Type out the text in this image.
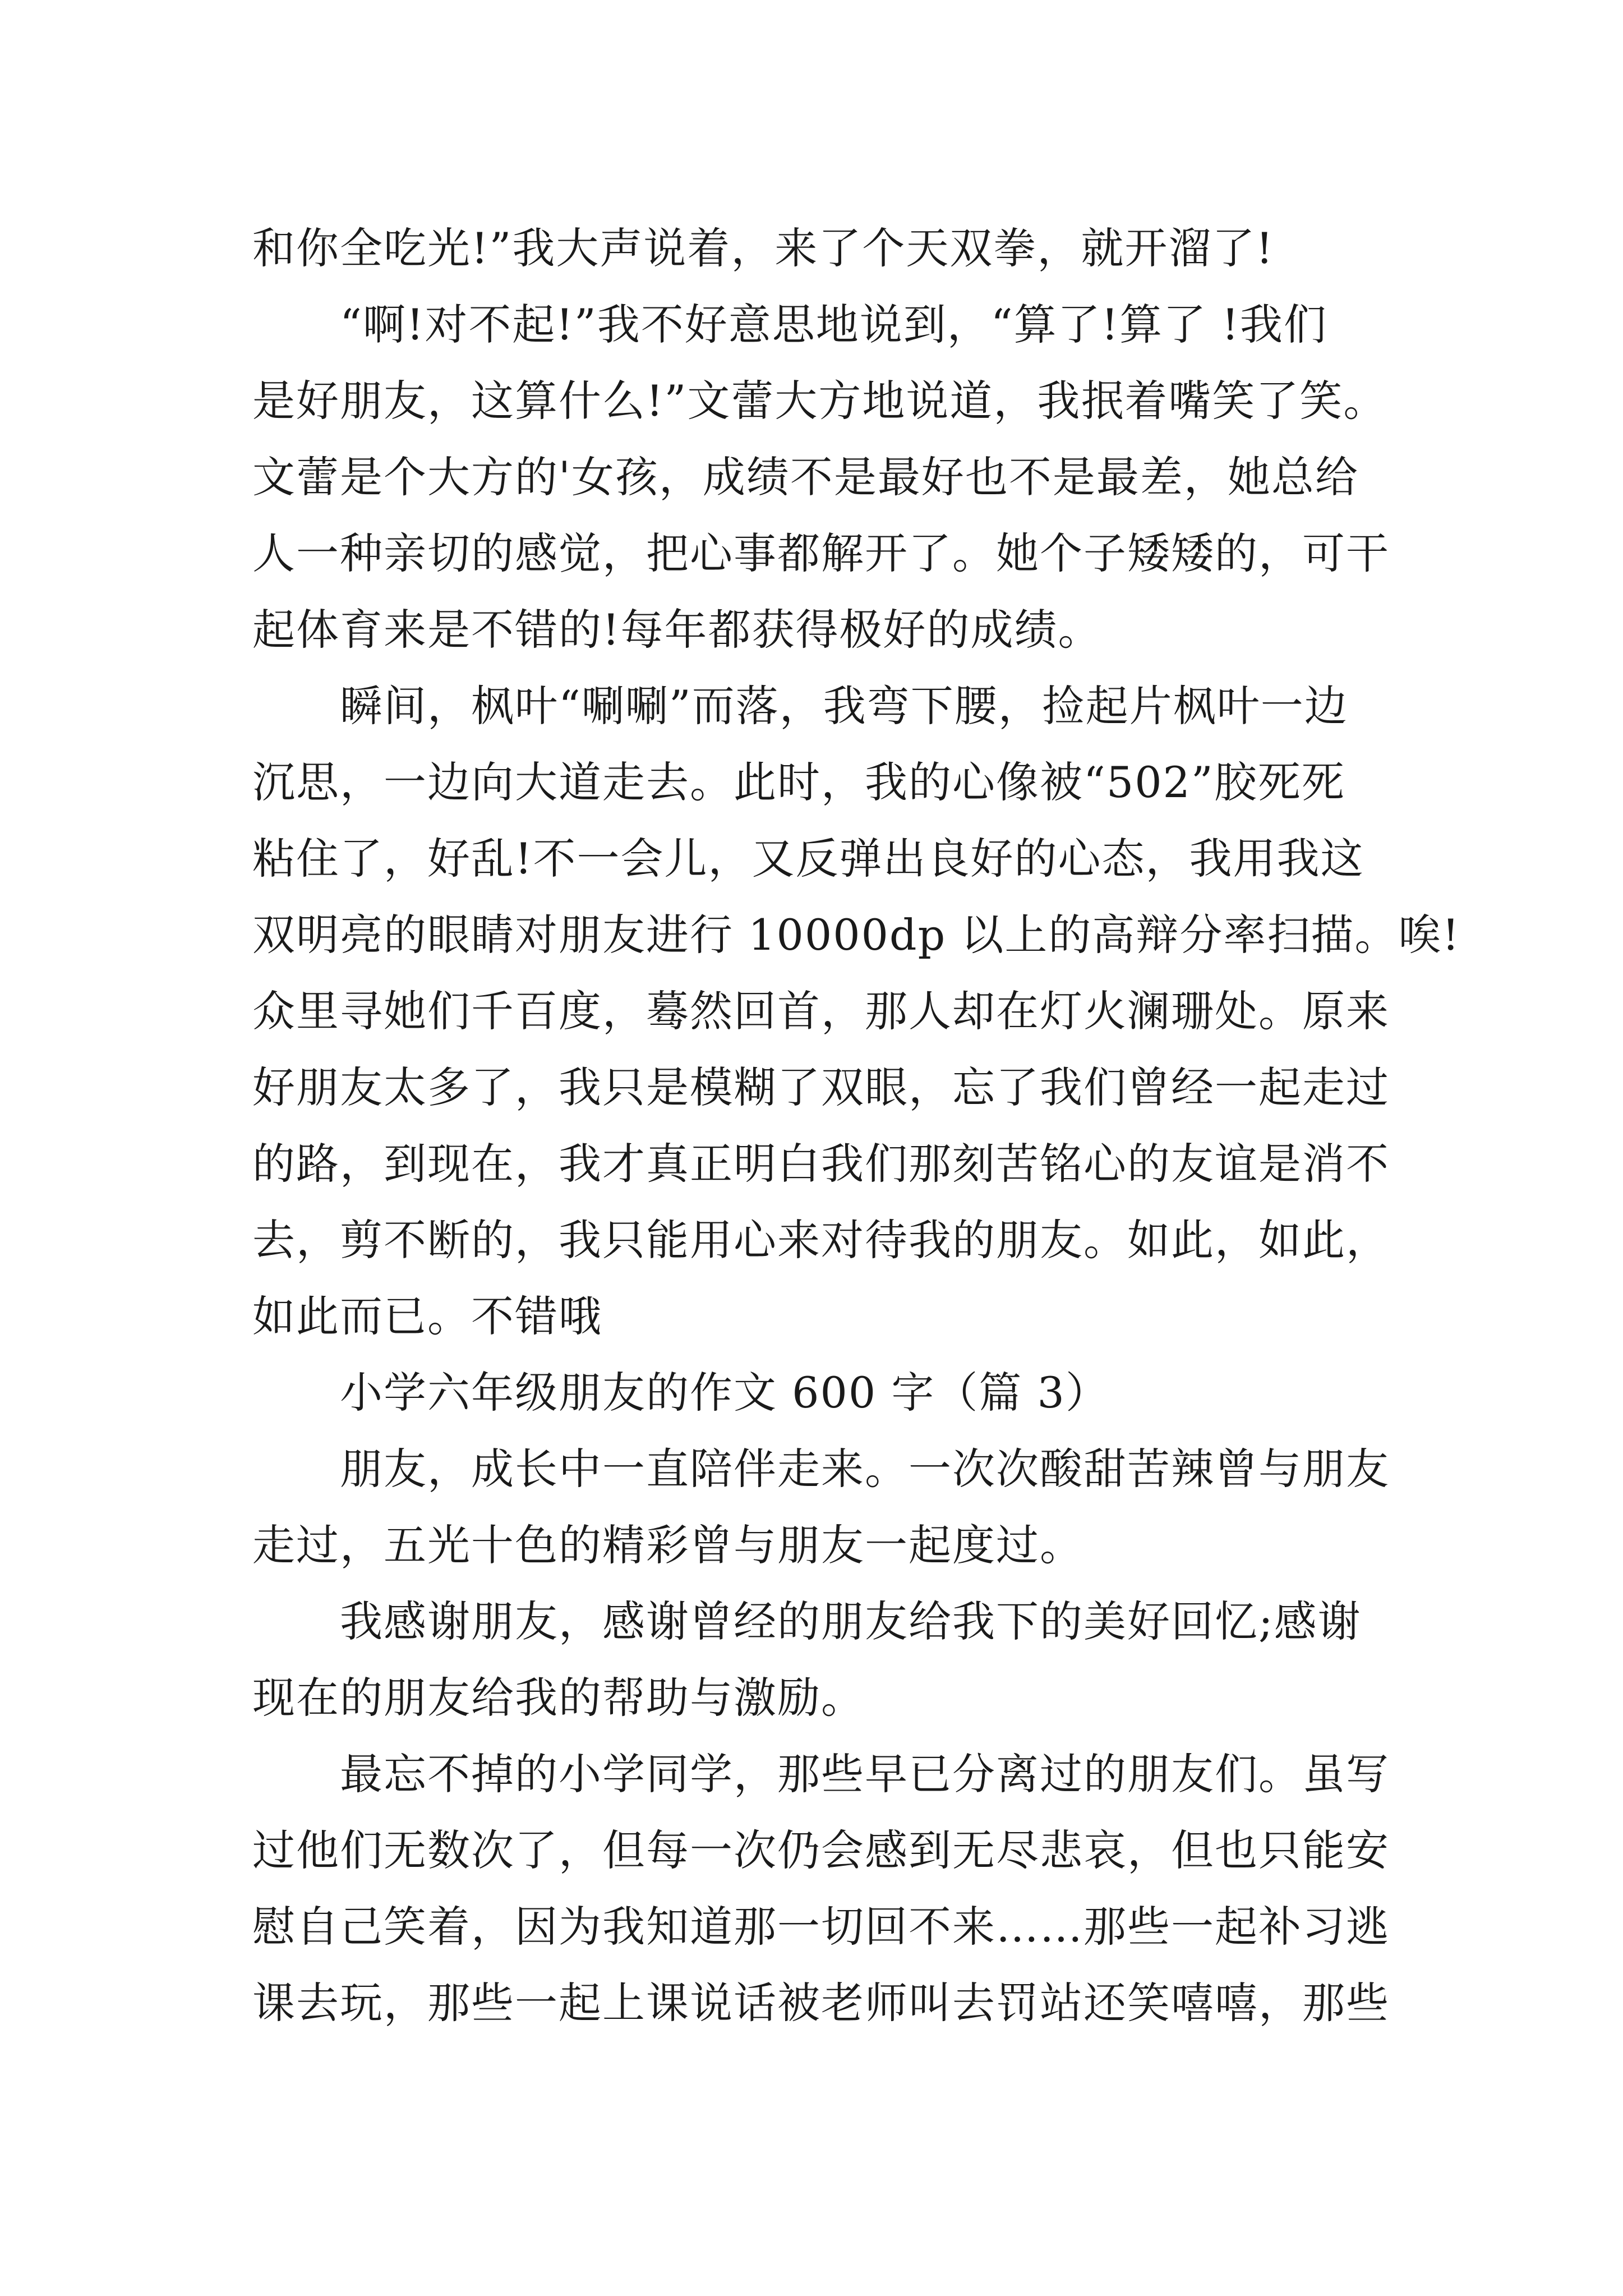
和你全吃光!”我大声说着，来了个天双拳，就开溜了!
“啊!对不起!”我不好意思地说到，“算了!算了 !我们
是好朋友，这算什么!”文蕾大方地说道，我抿着嘴笑了笑。
文蕾是个大方的'女孩，成绩不是最好也不是最差，她总给
人一种亲切的感觉，把心事都解开了。她个子矮矮的，可干
起体育来是不错的!每年都获得极好的成绩。
瞬间，枫叶“唰唰”而落，我弯下腰，捡起片枫叶一边
沉思，一边向大道走去。此时，我的心像被“502”胶死死
粘住了，好乱!不一会儿，又反弹出良好的心态，我用我这
双明亮的眼睛对朋友进行 10000dp 以上的高辩分率扫描。唉!
众里寻她们千百度，蓦然回首，那人却在灯火澜珊处。原来
好朋友太多了，我只是模糊了双眼，忘了我们曾经一起走过
的路，到现在，我才真正明白我们那刻苦铭心的友谊是消不
去，剪不断的，我只能用心来对待我的朋友。如此，如此，
如此而已。不错哦
小学六年级朋友的作文 600 字（篇 3）
朋友，成长中一直陪伴走来。一次次酸甜苦辣曾与朋友
走过，五光十色的精彩曾与朋友一起度过。
我感谢朋友，感谢曾经的朋友给我下的美好回忆;感谢
现在的朋友给我的帮助与激励。
最忘不掉的小学同学，那些早已分离过的朋友们。虽写
过他们无数次了，但每一次仍会感到无尽悲哀，但也只能安
慰自己笑着，因为我知道那一切回不来……那些一起补习逃
课去玩，那些一起上课说话被老师叫去罚站还笑嘻嘻，那些
